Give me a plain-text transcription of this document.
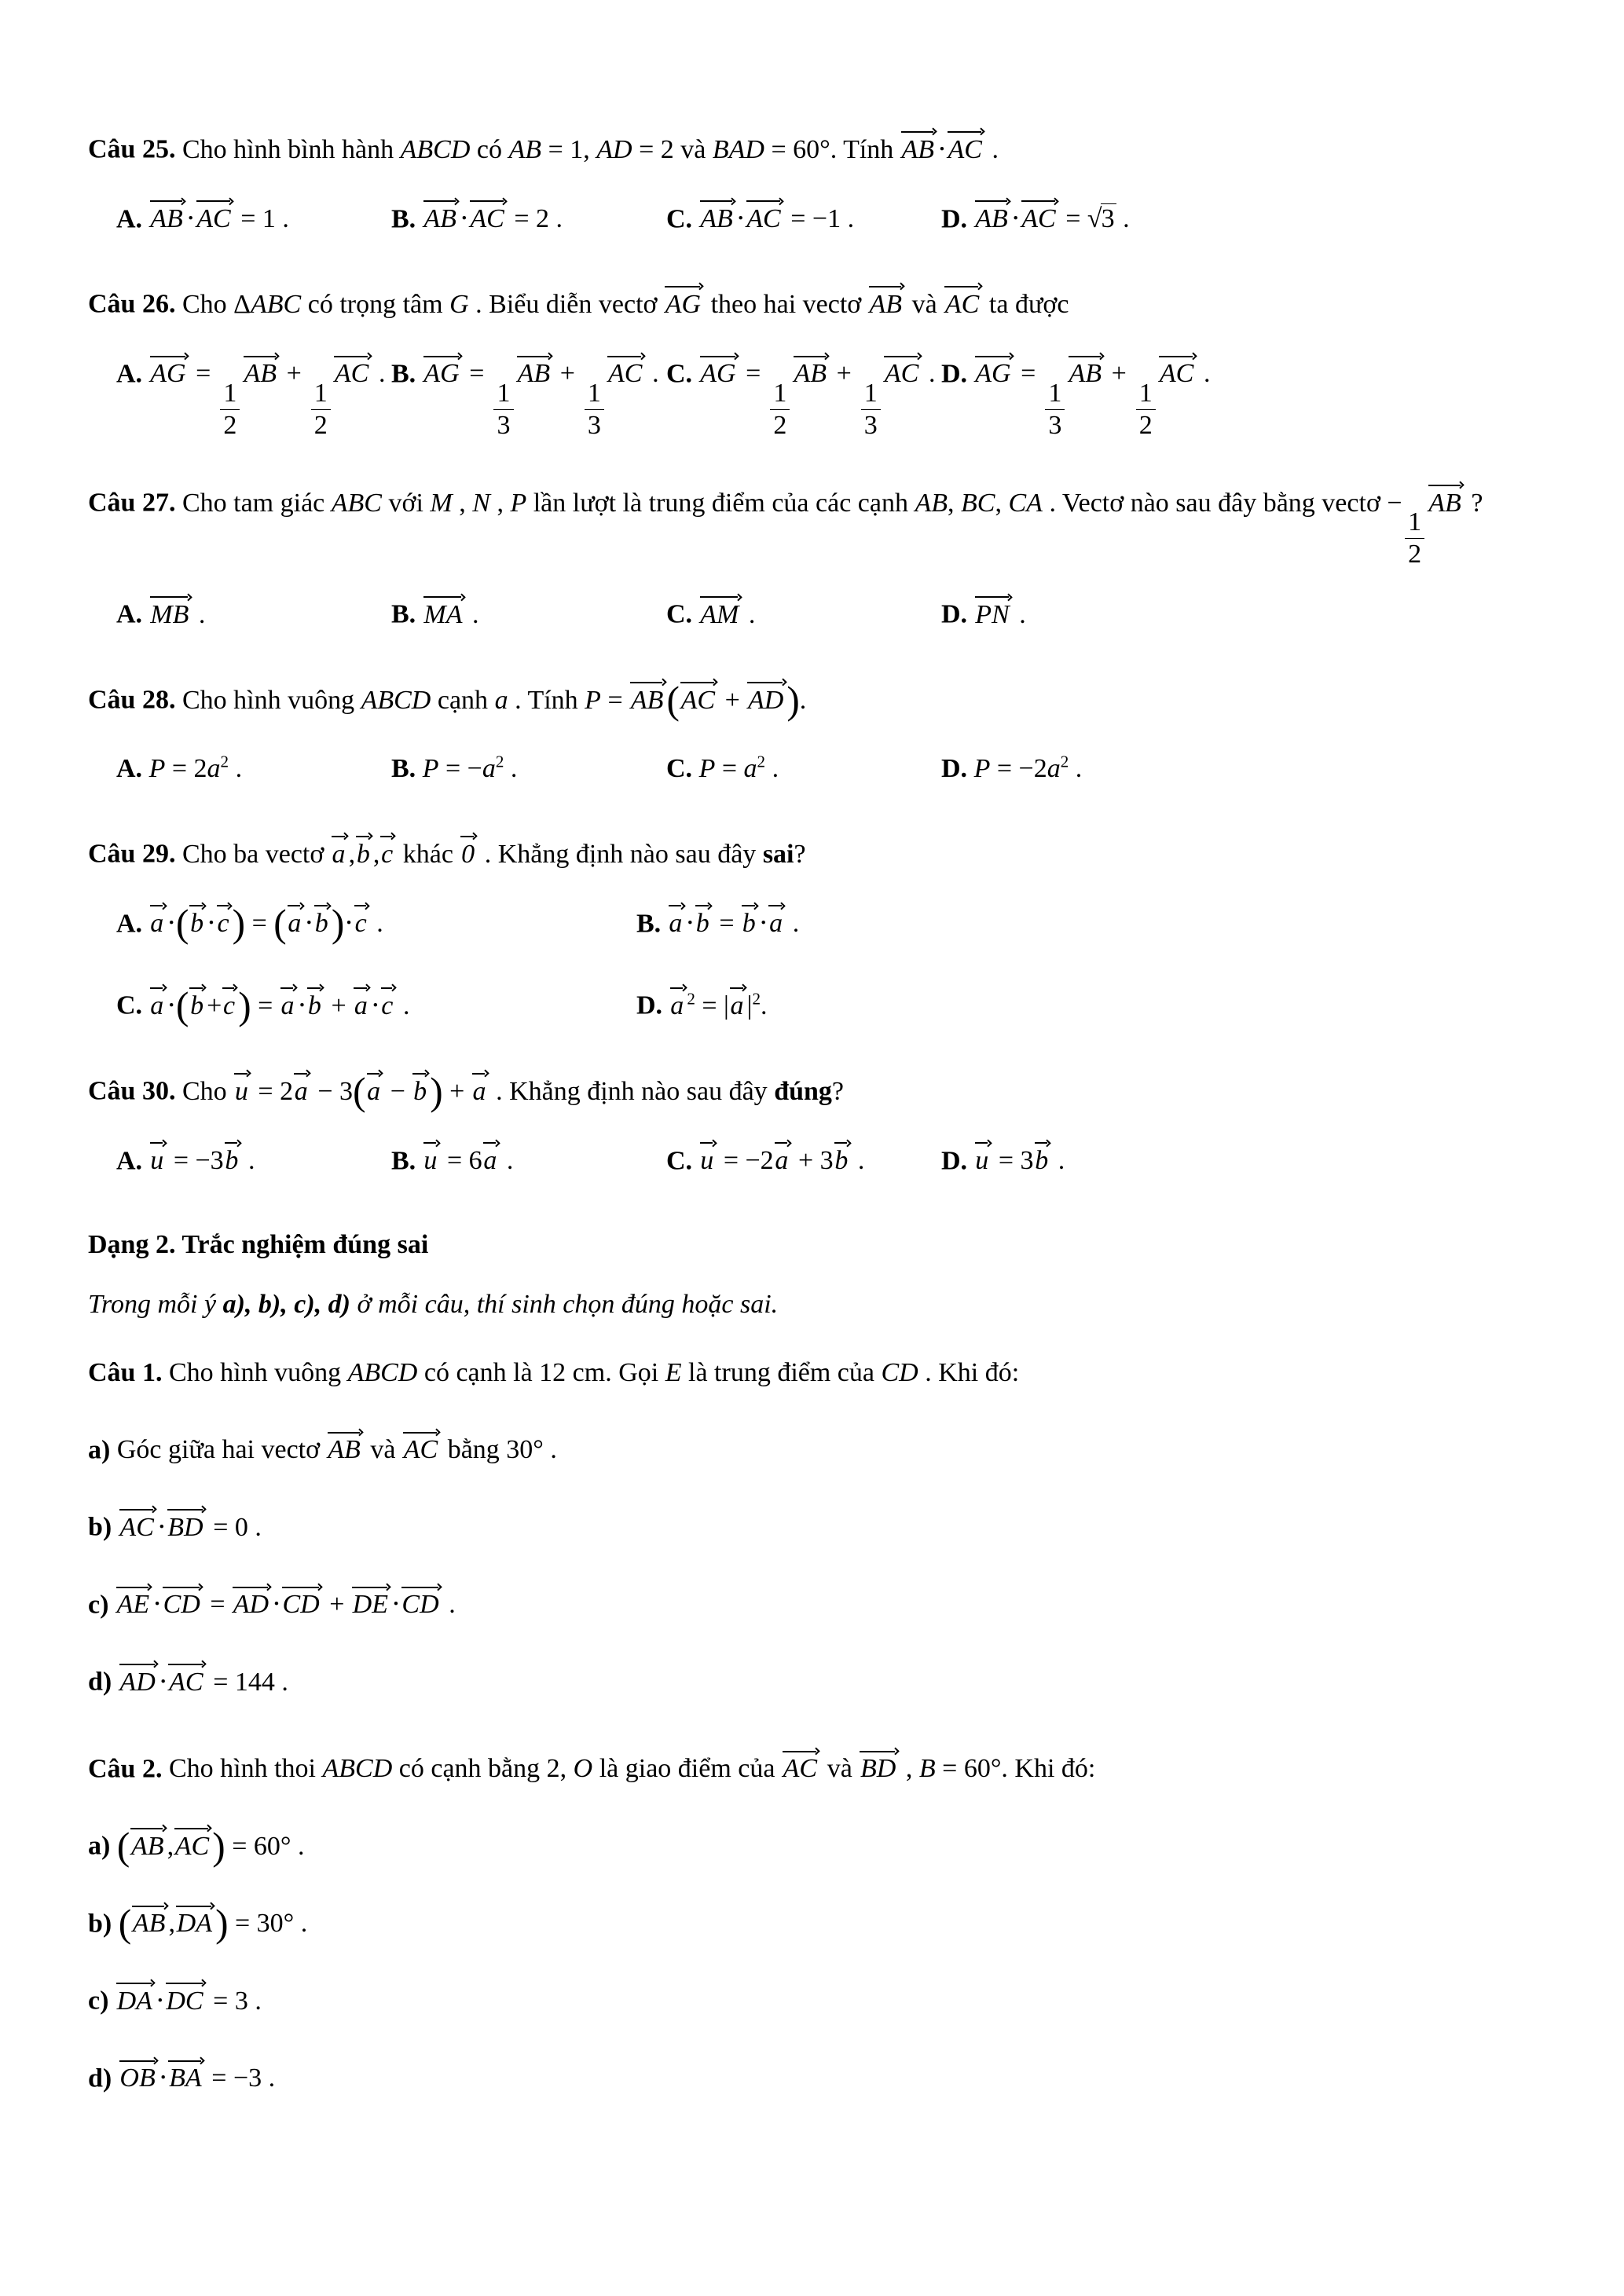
Câu 25. Cho hình bình hành ABCD có AB = 1, AD = 2 và BAD = 60°. Tính AB ⋅AC .
A. AB ⋅AC = 1 .	B. AB ⋅AC = 2 .	C. AB ⋅AC = −1 .	D. AB ⋅AC = √3 .
Câu 26. Cho ΔABC có trọng tâm G . Biểu diễn vectơ AG theo hai vectơ AB và AC ta được
A. AG =
$\frac{1}{2}$
AB +
$\frac{1}{2}$
AC . B. AG =
$\frac{1}{3}$
AB +
$\frac{1}{3}$
AC . C. AG =
$\frac{1}{2}$
AB +
$\frac{1}{3}$
AC . D. AG =
$\frac{1}{3}$
AB +
$\frac{1}{2}$
AC .
Câu 27. Cho tam giác ABC với M , N , P lần lượt là trung điểm của các cạnh AB, BC, CA . Vectơ nào sau đây bằng vectơ −
$\frac{1}{2}$
AB ?
A. MB .	B. MA .	C. AM .	D. PN .
Câu 28. Cho hình vuông ABCD cạnh a . Tính P = AB(AC + AD).
A. $P = 2a^2$ .	B. $P = -a^2$ .	C. $P = a^2$ .	D. $P = -2a^2$ .
Câu 29. Cho ba vectơ a ,b ,c khác 0 . Khẳng định nào sau đây sai?
A. a ⋅(b ⋅c) = (a ⋅b)⋅c .	B. a ⋅b = b ⋅a .
C. a ⋅(b +c) = a ⋅b + a ⋅c .	D. a $^2$ = |a $|^2$.
Câu 30. Cho u = 2a − 3(a − b) + a . Khẳng định nào sau đây đúng?
A. u = −3b .	B. u = 6a .	C. u = −2a + 3b .	D. u = 3b .
Dạng 2. Trắc nghiệm đúng sai
Trong mỗi ý a), b), c), d) ở mỗi câu, thí sinh chọn đúng hoặc sai.
Câu 1. Cho hình vuông ABCD có cạnh là 12 cm. Gọi E là trung điểm của CD . Khi đó:
a) Góc giữa hai vectơ AB và AC bằng 30° .
b) AC ⋅BD = 0 .
c) AE ⋅CD = AD ⋅CD + DE ⋅CD .
d) AD ⋅AC = 144 .
Câu 2. Cho hình thoi ABCD có cạnh bằng 2, O là giao điểm của AC và BD , B = 60°. Khi đó:
a) (AB ,AC) = 60° .
b) (AB ,DA) = 30° .
c) DA ⋅DC = 3 .
d) OB ⋅BA = −3 .
